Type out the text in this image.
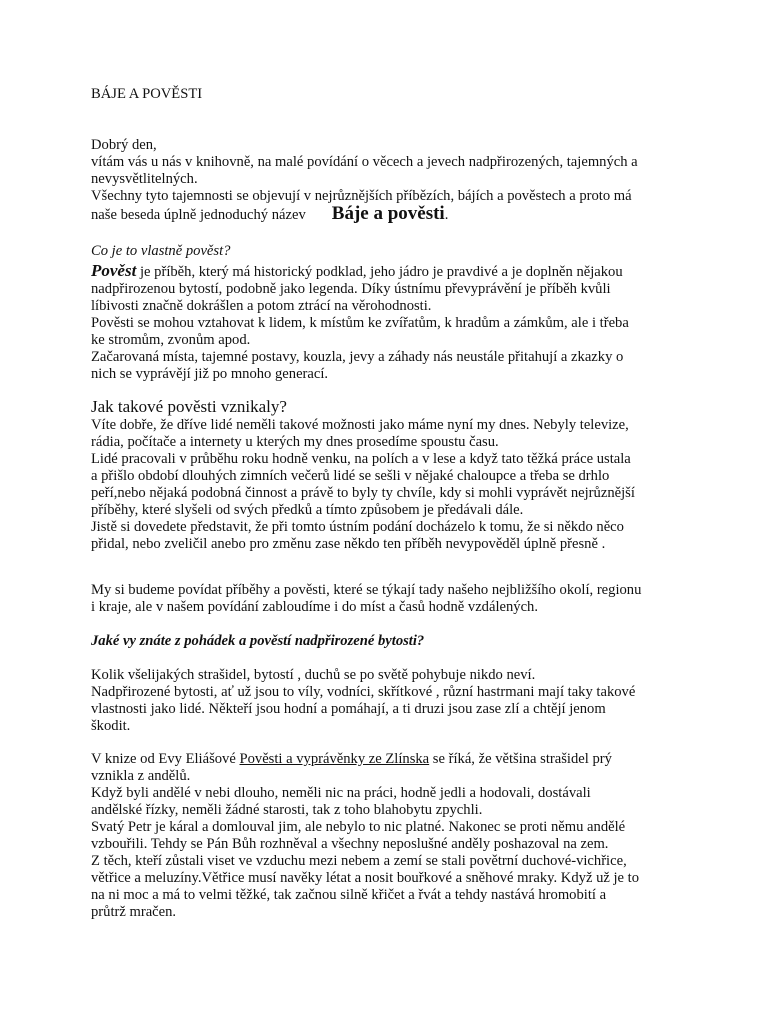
BÁJE A POVĚSTI

Dobrý den,

vítám vás u nás v knihovně, na malé povídání o věcech a jevech nadpřirozených, tajemných a

nevysvětlitelných.

Všechny tyto tajemnosti se objevují v nejrůznějších příbězích, bájích a pověstech a proto má

naše beseda úplně jednoduchý název Báje a pověsti.

Co je to vlastně pověst?

Pověst je příběh, který má historický podklad, jeho jádro je pravdivé a je doplněn nějakou

nadpřirozenou bytostí, podobně jako legenda. Díky ústnímu převyprávění je příběh kvůli

líbivosti značně dokrášlen a potom ztrácí na věrohodnosti.

Pověsti se mohou vztahovat k lidem, k místům ke zvířatům, k hradům a zámkům, ale i třeba

ke stromům, zvonům apod.

Začarovaná místa, tajemné postavy, kouzla, jevy a záhady nás neustále přitahují a zkazky o

nich se vyprávějí již po mnoho generací.

Jak takové pověsti vznikaly?

Víte dobře, že dříve lidé neměli takové možnosti jako máme nyní my dnes. Nebyly televize,

rádia, počítače a internety u kterých my dnes prosedíme spoustu času.

Lidé pracovali v průběhu roku hodně venku, na polích a v lese a když tato těžká práce ustala

a přišlo období dlouhých zimních večerů lidé se sešli v nějaké chaloupce a třeba se drhlo

peří,nebo nějaká podobná činnost a právě to byly ty chvíle, kdy si mohli vyprávět nejrůznější

příběhy, které slyšeli od svých předků a tímto způsobem je předávali dále.

Jistě si dovedete představit, že při tomto ústním podání docházelo k tomu, že si někdo něco

přidal, nebo zveličil anebo pro změnu zase někdo ten příběh nevypověděl úplně přesně .

My si budeme povídat příběhy a pověsti, které se týkají tady našeho nejbližšího okolí, regionu

i kraje, ale v našem povídání zabloudíme i do míst a časů hodně vzdálených.

Jaké vy znáte z pohádek a pověstí nadpřirozené bytosti?

Kolik všelijakých strašidel, bytostí , duchů se po světě pohybuje nikdo neví.

Nadpřirozené bytosti, ať už jsou to víly, vodníci, skřítkové , různí hastrmani mají taky takové

vlastnosti jako lidé. Někteří jsou hodní a pomáhají, a ti druzi jsou zase zlí a chtějí jenom

škodit.

V knize od Evy Eliášové Pověsti a vyprávěnky ze Zlínska se říká, že většina strašidel prý

vznikla z andělů.

Když byli andělé v nebi dlouho, neměli nic na práci, hodně jedli a hodovali, dostávali

andělské řízky, neměli žádné starosti, tak z toho blahobytu zpychli.

Svatý Petr je káral a domlouval jim, ale nebylo to nic platné. Nakonec se proti němu andělé

vzbouřili. Tehdy se Pán Bůh rozhněval a všechny neposlušné anděly poshazoval na zem.

Z těch, kteří zůstali viset ve vzduchu mezi nebem a zemí se stali povětrní duchové-vichřice,

větřice a meluzíny.Větřice musí navěky létat a nosit bouřkové a sněhové mraky. Když už je to

na ni moc a má to velmi těžké, tak začnou silně křičet a řvát a tehdy nastává hromobití a

průtrž mračen.
